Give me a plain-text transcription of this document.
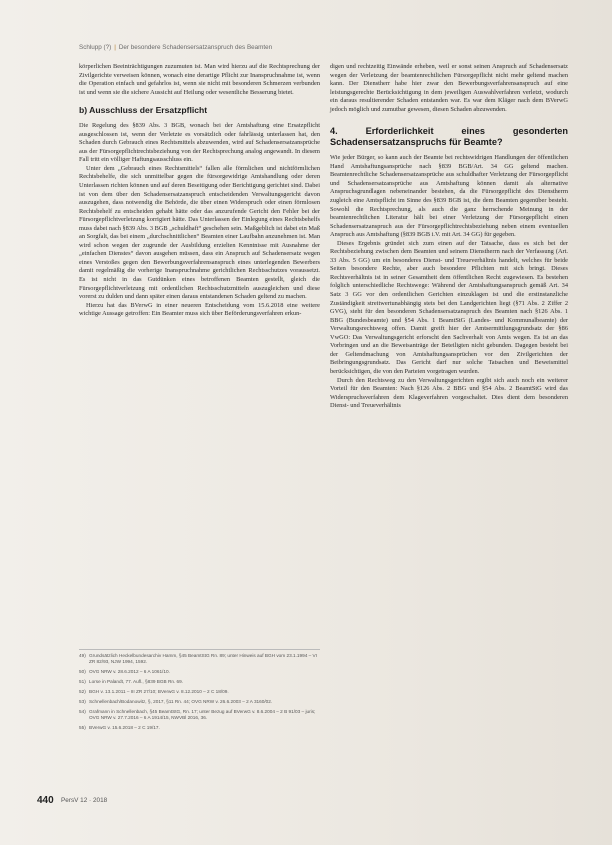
Schlupp (?) | Der besondere Schadensersatzanspruch des Beamten

körperlichen Beeinträchtigungen zuzumuten ist. Man wird hierzu auf die Rechtsprechung der Zivilgerichte verweisen können, wonach eine derartige Pflicht zur Inanspruchnahme ist, wenn die Operation einfach und gefahrlos ist, wenn sie nicht mit besonderen Schmerzen verbunden ist und wenn sie die sichere Aussicht auf Heilung oder wesentliche Besserung bietet.

b) Ausschluss der Ersatzpflicht

Die Regelung des §839 Abs. 3 BGB, wonach bei der Amtshaftung eine Ersatzpflicht ausgeschlossen ist, wenn der Verletzte es vorsätzlich oder fahrlässig unterlassen hat, den Schaden durch Gebrauch eines Rechtsmittels abzuwenden, wird auf Schadensersatzansprüche aus der Fürsorgepflichtrechtsbeziehung von der Rechtsprechung analog angewandt. In diesem Fall tritt ein völliger Haftungsausschluss ein.

Unter dem „Gebrauch eines Rechtsmittels“ fallen alle förmlichen und nichtförmlichen Rechtsbehelfe, die sich unmittelbar gegen die fürsorgewidrige Amtshandlung oder deren Unterlassen richten können und auf deren Beseitigung oder Berichtigung gerichtet sind. Dabei ist von dem über den Schadensersatzanspruch entscheidenden Verwaltungsgericht davon auszugehen, dass notwendig die Behörde, die über einen Widerspruch oder einen förmlosen Rechtsbehelf zu entscheiden gehabt hätte oder das anzurufende Gericht den Fehler bei der Fürsorgepflichtverletzung korrigiert hätte. Das Unterlassen der Einlegung eines Rechtsbehelfs muss dabei nach §839 Abs. 3 BGB „schuldhaft“ geschehen sein. Maßgeblich ist dabei ein Maß an Sorgfalt, das bei einem „durchschnittlichen“ Beamten einer Laufbahn anzunehmen ist. Man wird schon wegen der zugrunde der Ausbildung erzielten Kenntnisse mit Ausnahme der „einfachen Dienstes“ davon ausgehen müssen, dass ein Anspruch auf Schadensersatz wegen eines Verstoßes gegen den Bewerbungsverfahrensanspruch eines unterlegenden Bewerbers damit regelmäßig die vorherige Inanspruchnahme gerichtlichen Rechtsschutzes voraussetzt. Es ist nicht in das Gutdünken eines betroffenen Beamten gestellt, gleich die Fürsorgepflichtverletzung mit ordentlichen Rechtsschutzmitteln auszugleichen und diese vorerst zu dulden und dann später einen daraus entstandenen Schaden geltend zu machen.

Hierzu hat das BVerwG in einer neueren Entscheidung vom 15.6.2018 eine weitere wichtige Aussage getroffen: Ein Beamter muss sich über Beförderungsverfahren erkun-

49) Grundsätzlich Heckelbundesarchiv Hamm, §45 BeamtStG Rn. 89; unter Hinweis auf BGH vom 23.1.1994 – VI ZR 82/93, NJW 1994, 1592.
50) OVG NRW v. 28.6.2012 – 6 A 1061/10.
51) Lorse in Palandt, 77. Aufl., §839 BGB Rn. 69.
52) BGH v. 13.1.2011 – III ZR 27/10; BVerwG v. 8.12.2010 – 2 C 18/09.
53) Schnellenbach/Bodanowitz, §, 2017, §11 Rn. 44; OVG NRW v. 26.6.2003 – 2 A 3160/02.
54) Grafmann in Schnellenbach, §45 BeamtStG, Rn. 17; unter Bezug auf BVerwG v. 8.6.2004 – 2 B 91/03 – juris; OVG NRW v. 27.7.2016 – 6 A 1914/15, NWVBl 2016, 36.
55) BVerwG v. 15.6.2018 – 2 C 19/17.

digen und rechtzeitig Einwände erheben, weil er sonst seinen Anspruch auf Schadensersatz wegen der Verletzung der beamtenrechtlichen Fürsorgepflicht nicht mehr geltend machen kann. Der Dienstherr habe hier zwar den Bewerbungsverfahrensanspruch auf eine leistungsgerechte Berücksichtigung in dem jeweiligen Auswahlverfahren verletzt, wodurch ein daraus resultierender Schaden entstanden war. Es war dem Kläger nach dem BVerwG jedoch möglich und zumutbar gewesen, diesen Schaden abzuwenden.

4. Erforderlichkeit eines gesonderten Schadensersatzanspruchs für Beamte?

Wie jeder Bürger, so kann auch der Beamte bei rechtswidrigen Handlungen der öffentlichen Hand Amtshaftungsansprüche nach §839 BGB/Art. 34 GG geltend machen. Beamtenrechtliche Schadensersatzansprüche aus schuldhafter Verletzung der Fürsorgepflicht und Schadensersatzansprüche aus Amtshaftung können damit als alternative Anspruchsgrundlagen nebeneinander bestehen, da die Fürsorgepflicht des Dienstherrn zugleich eine Amtspflicht im Sinne des §839 BGB ist, die dem Beamten gegenüber besteht. Sowohl die Rechtsprechung, als auch die ganz herrschende Meinung in der beamtenrechtlichen Literatur hält bei einer Verletzung der Fürsorgepflicht einen Schadensersatzanspruch aus der Fürsorgepflichtrechtsbeziehung neben einem eventuellen Anspruch aus Amtshaftung (§839 BGB i.V. mit Art. 34 GG) für gegeben.

Dieses Ergebnis gründet sich zum einen auf der Tatsache, dass es sich bei der Rechtsbeziehung zwischen dem Beamten und seinem Dienstherrn nach der Verfassung (Art. 33 Abs. 5 GG) um ein besonderes Dienst- und Treueverhältnis handelt, welches für beide Seiten besondere Rechte, aber auch besondere Pflichten mit sich bringt. Dieses Rechtsverhältnis ist in seiner Gesamtheit dem öffentlichen Recht zugewiesen. Es bestehen folglich unterschiedliche Rechtswege: Während der Amtshaftungsanspruch gemäß Art. 34 Satz 3 GG vor den ordentlichen Gerichten einzuklagen ist und die erstinstanzliche Zuständigkeit streitwertunabhängig stets bei den Landgerichten liegt (§71 Abs. 2 Ziffer 2 GVG), steht für den besonderen Schadensersatzanspruch des Beamten nach §126 Abs. 1 BBG (Bundesbeamte) und §54 Abs. 1 BeamtStG (Landes- und Kommunalbeamte) der Verwaltungsrechtsweg offen. Damit greift hier der Amtsermittlungsgrundsatz der §86 VwGO: Das Verwaltungsgericht erforscht den Sachverhalt von Amts wegen. Es ist an das Vorbringen und an die Beweisanträge der Beteiligten nicht gebunden. Dagegen besteht bei der Geltendmachung von Amtshaftungsansprüchen vor den Zivilgerichten der Beibringungsgrundsatz. Das Gericht darf nur solche Tatsachen und Beweismittel berücksichtigen, die von den Parteien vorgetragen wurden.

Durch den Rechtsweg zu den Verwaltungsgerichten ergibt sich auch noch ein weiterer Vorteil für den Beamten: Nach §126 Abs. 2 BBG und §54 Abs. 2 BeamtStG wird das Widerspruchsverfahren dem Klageverfahren vorgeschaltet. Dies dient dem besonderen Dienst- und Treueverhältnis

440 PersV 12 · 2018
